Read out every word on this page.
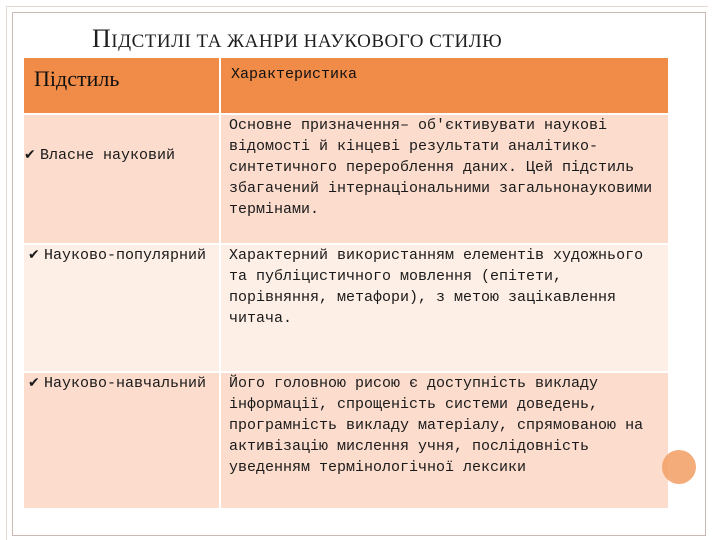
ПІДСТИЛІ ТА ЖАНРИ НАУКОВОГО СТИЛЮ
Підстиль	Характеристика

✔ Власне науковий	Основне призначення– об'єктивувати наукові відомості й кінцеві результати аналітико-синтетичного перероблення даних. Цей підстиль збагачений інтернаціональними загальнонауковими термінами.

✔ Науково-популярний	Характерний використанням елементів художнього та публіцистичного мовлення (епітети, порівняння, метафори), з метою зацікавлення читача.

✔ Науково-навчальний	Його головною рисою є доступність викладу інформації, спрощеність системи доведень, програмність викладу матеріалу, спрямованою на активізацію мислення учня, послідовність уведенням термінологічної лексики
